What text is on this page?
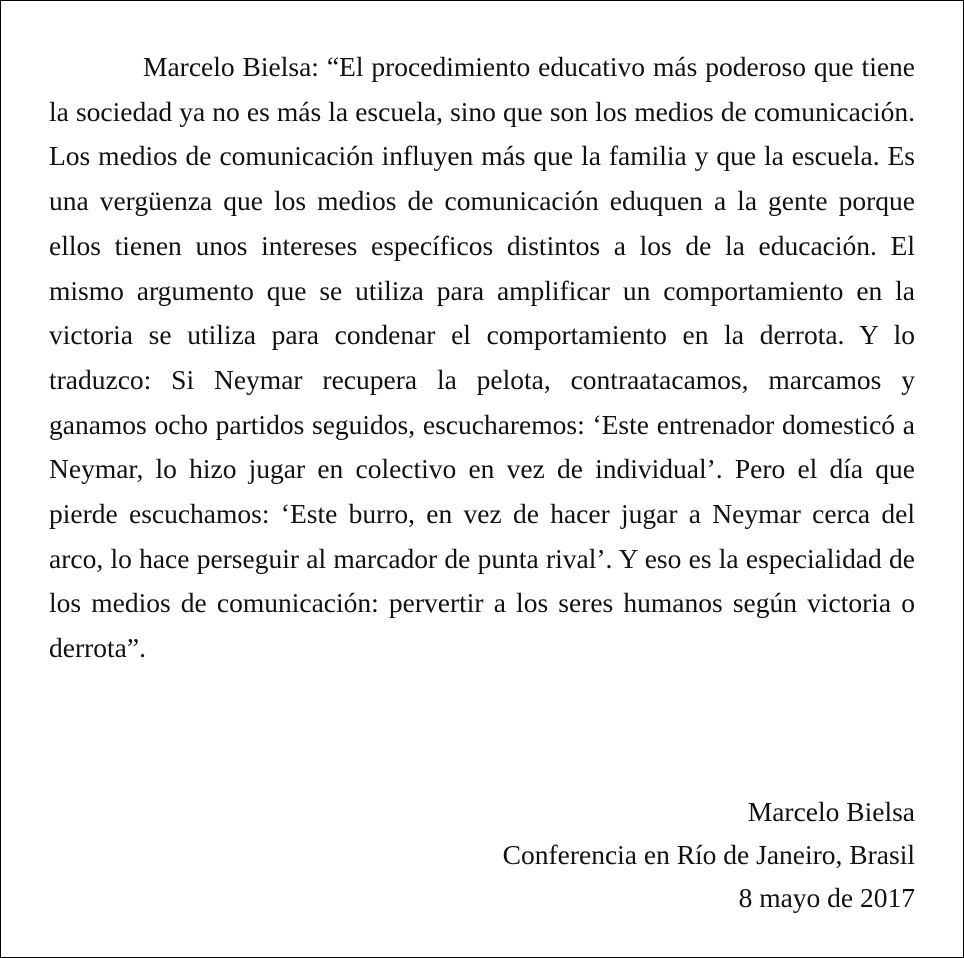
Marcelo Bielsa: “El procedimiento educativo más poderoso que tiene la sociedad ya no es más la escuela, sino que son los medios de comunicación. Los medios de comunicación influyen más que la familia y que la escuela. Es una vergüenza que los medios de comunicación eduquen a la gente porque ellos tienen unos intereses específicos distintos a los de la educación. El mismo argumento que se utiliza para amplificar un comportamiento en la victoria se utiliza para condenar el comportamiento en la derrota. Y lo traduzco: Si Neymar recupera la pelota, contraatacamos, marcamos y ganamos ocho partidos seguidos, escucharemos: ‘Este entrenador domesticó a Neymar, lo hizo jugar en colectivo en vez de individual’. Pero el día que pierde escuchamos: ‘Este burro, en vez de hacer jugar a Neymar cerca del arco, lo hace perseguir al marcador de punta rival’. Y eso es la especialidad de los medios de comunicación: pervertir a los seres humanos según victoria o derrota”.

Marcelo Bielsa
Conferencia en Río de Janeiro, Brasil
8 mayo de 2017
